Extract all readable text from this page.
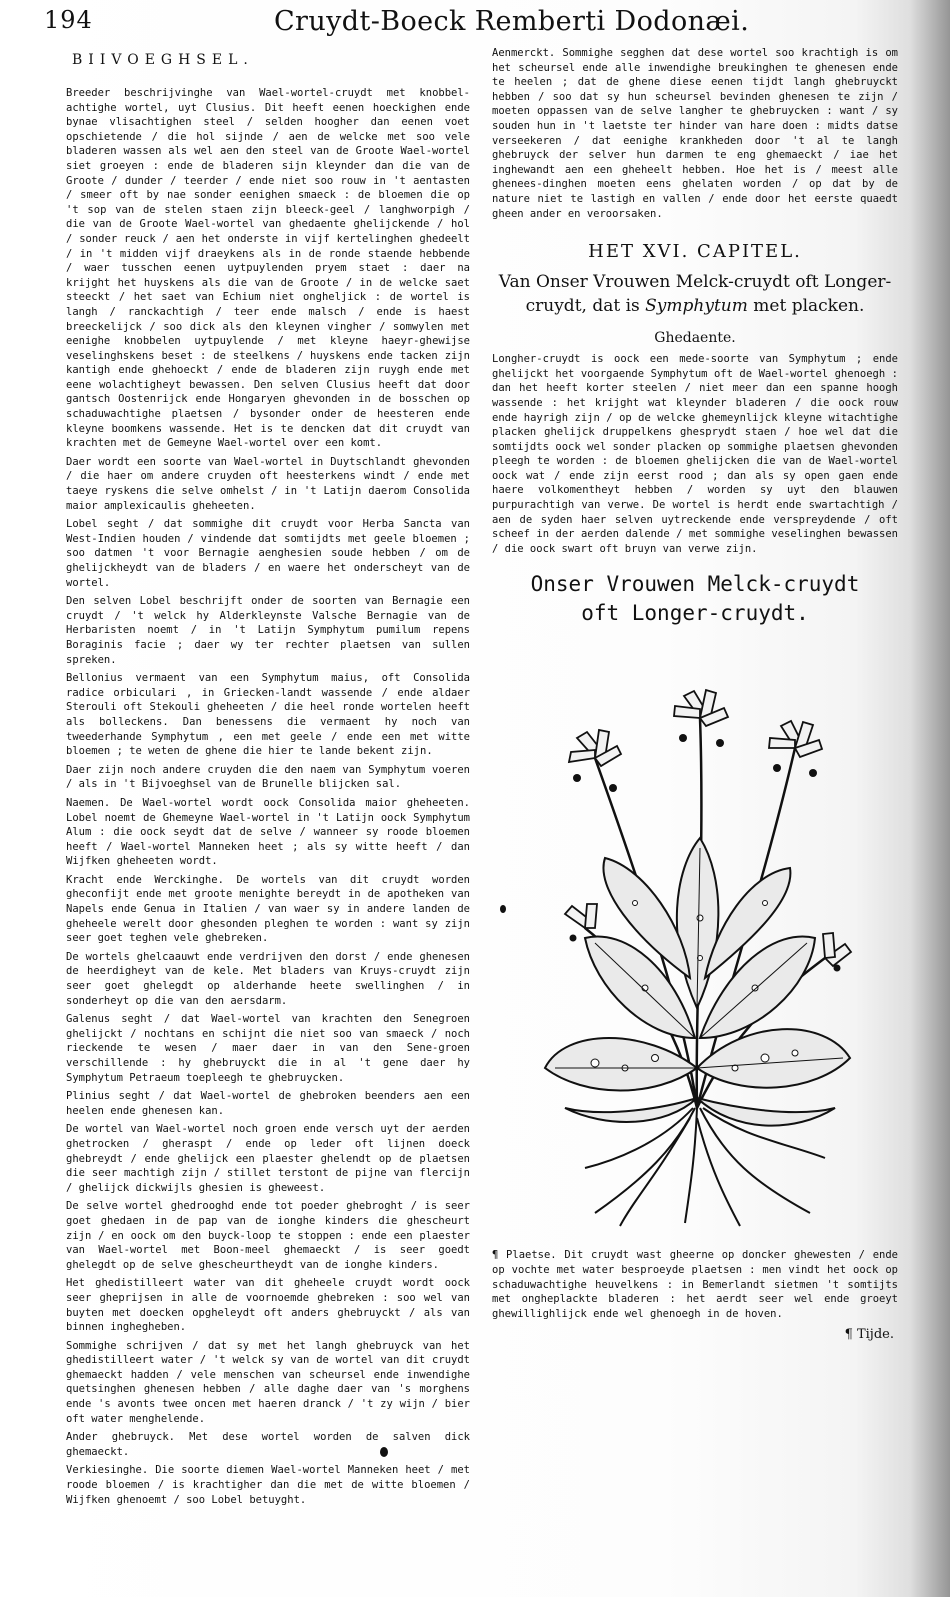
194	Cruydt-Boeck Remberti Dodonæi.
BIIVOEGHSEL.

Breeder beschrijvinghe van Wael-wortel-cruydt met knobbel-achtighe wortel, uyt Clusius. Dit heeft eenen hoeckighen ende bynae vlisachtighen steel / selden hoogher dan eenen voet opschietende / die hol sijnde / aen de welcke met soo vele bladeren wassen als wel aen den steel van de Groote Wael-wortel siet groeyen : ende de bladeren sijn kleynder dan die van de Groote / dunder / teerder / ende niet soo rouw in 't aentasten / smeer oft by nae sonder eenighen smaeck : de bloemen die op 't sop van de stelen staen zijn bleeck-geel / langhworpigh / die van de Groote Wael-wortel van ghedaente ghelijckende / hol / sonder reuck / aen het onderste in vijf kertelinghen ghedeelt / in 't midden vijf draeykens als in de ronde staende hebbende / waer tusschen eenen uytpuylenden pryem staet : daer na krijght het huyskens als die van de Groote / in de welcke saet steeckt / het saet van Echium niet ongheljick : de wortel is langh / ranckachtigh / teer ende malsch / ende is haest breeckelijck / soo dick als den kleynen vingher / somwylen met eenighe knobbelen uytpuylende / met kleyne haeyr-ghewijse veselinghskens beset : de steelkens / huyskens ende tacken zijn kantigh ende ghehoeckt / ende de bladeren zijn ruygh ende met eene wolachtigheyt bewassen. Den selven Clusius heeft dat door gantsch Oostenrijck ende Hongaryen ghevonden in de bosschen op schaduwachtighe plaetsen / bysonder onder de heesteren ende kleyne boomkens wassende. Het is te dencken dat dit cruydt van krachten met de Gemeyne Wael-wortel over een komt.

Daer wordt een soorte van Wael-wortel in Duytschlandt ghevonden / die haer om andere cruyden oft heesterkens windt / ende met taeye ryskens die selve omhelst / in 't Latijn daerom Consolida maior amplexicaulis gheheeten.

Lobel seght / dat sommighe dit cruydt voor Herba Sancta van West-Indien houden / vindende dat somtijdts met geele bloemen ; soo datmen 't voor Bernagie aenghesien soude hebben / om de ghelijckheydt van de bladers / en waere het onderscheyt van de wortel.

Den selven Lobel beschrijft onder de soorten van Bernagie een cruydt / 't welck hy Alderkleynste Valsche Bernagie van de Herbaristen noemt / in 't Latijn Symphytum pumilum repens Boraginis facie ; daer wy ter rechter plaetsen van sullen spreken.

Bellonius vermaent van een Symphytum maius, oft Consolida radice orbiculari , in Griecken-landt wassende / ende aldaer Sterouli oft Stekouli gheheeten / die heel ronde wortelen heeft als bolleckens. Dan benessens die vermaent hy noch van tweederhande Symphytum , een met geele / ende een met witte bloemen ; te weten de ghene die hier te lande bekent zijn.

Daer zijn noch andere cruyden die den naem van Symphytum voeren / als in 't Bijvoeghsel van de Brunelle blijcken sal.

Naemen. De Wael-wortel wordt oock Consolida maior gheheeten. Lobel noemt de Ghemeyne Wael-wortel in 't Latijn oock Symphytum Alum : die oock seydt dat de selve / wanneer sy roode bloemen heeft / Wael-wortel Manneken heet ; als sy witte heeft / dan Wijfken gheheeten wordt.

Kracht ende Werckinghe. De wortels van dit cruydt worden gheconfijt ende met groote menighte bereydt in de apotheken van Napels ende Genua in Italien / van waer sy in andere landen de gheheele werelt door ghesonden pleghen te worden : want sy zijn seer goet teghen vele ghebreken.

De wortels ghelcaauwt ende verdrijven den dorst / ende ghenesen de heerdigheyt van de kele. Met bladers van Kruys-cruydt zijn seer goet ghelegdt op alderhande heete swellinghen / in sonderheyt op die van den aersdarm.

Galenus seght / dat Wael-wortel van krachten den Senegroen ghelijckt / nochtans en schijnt die niet soo van smaeck / noch rieckende te wesen / maer daer in van den Sene-groen verschillende : hy ghebruyckt die in al 't gene daer hy Symphytum Petraeum toepleegh te ghebruycken.

Plinius seght / dat Wael-wortel de ghebroken beenders aen een heelen ende ghenesen kan.

De wortel van Wael-wortel noch groen ende versch uyt der aerden ghetrocken / gheraspt / ende op leder oft lijnen doeck ghebreydt / ende ghelijck een plaester ghelendt op de plaetsen die seer machtigh zijn / stillet terstont de pijne van flercijn / ghelijck dickwijls ghesien is gheweest.

De selve wortel ghedrooghd ende tot poeder ghebroght / is seer goet ghedaen in de pap van de ionghe kinders die ghescheurt zijn / en oock om den buyck-loop te stoppen : ende een plaester van Wael-wortel met Boon-meel ghemaeckt / is seer goedt ghelegdt op de selve ghescheurtheydt van de ionghe kinders.

Het ghedistilleert water van dit gheheele cruydt wordt oock seer gheprijsen in alle de voornoemde ghebreken : soo wel van buyten met doecken opgheleydt oft anders ghebruyckt / als van binnen inghegheben.

Sommighe schrijven / dat sy met het langh ghebruyck van het ghedistilleert water / 't welck sy van de wortel van dit cruydt ghemaeckt hadden / vele menschen van scheursel ende inwendighe quetsinghen ghenesen hebben / alle daghe daer van 's morghens ende 's avonts twee oncen met haeren dranck / 't zy wijn / bier oft water menghelende.

Ander ghebruyck. Met dese wortel worden de salven dick ghemaeckt.

Verkiesinghe. Die soorte diemen Wael-wortel Manneken heet / met roode bloemen / is krachtigher dan die met de witte bloemen / Wijfken ghenoemt / soo Lobel betuyght.

Aenmerckt. Sommighe segghen dat dese wortel soo krachtigh is om het scheursel ende alle inwendighe breukinghen te ghenesen ende te heelen ; dat de ghene diese eenen tijdt langh ghebruyckt hebben / soo dat sy hun scheursel bevinden ghenesen te zijn / moeten oppassen van de selve langher te ghebruycken : want / sy souden hun in 't laetste ter hinder van hare doen : midts datse verseekeren / dat eenighe krankheden door 't al te langh ghebruyck der selver hun darmen te eng ghemaeckt / iae het inghewandt aen een gheheelt hebben. Hoe het is / meest alle ghenees-dinghen moeten eens ghelaten worden / op dat by de nature niet te lastigh en vallen / ende door het eerste quaedt gheen ander en veroorsaken.

HET XVI. CAPITEL.
Van Onser Vrouwen Melck-cruydt oft Longer-
cruydt, dat is Symphytum met placken.
Ghedaente.

Longher-cruydt is oock een mede-soorte van Symphytum ; ende ghelijckt het voorgaende Symphytum oft de Wael-wortel ghenoegh : dan het heeft korter steelen / niet meer dan een spanne hoogh wassende : het krijght wat kleynder bladeren / die oock rouw ende hayrigh zijn / op de welcke ghemeynlijck kleyne witachtighe placken ghelijck druppelkens ghesprydt staen / hoe wel dat die somtijdts oock wel sonder placken op sommighe plaetsen ghevonden pleegh te worden : de bloemen ghelijcken die van de Wael-wortel oock wat / ende zijn eerst rood ; dan als sy open gaen ende haere volkomentheyt hebben / worden sy uyt den blauwen purpurachtigh van verwe. De wortel is herdt ende swartachtigh / aen de syden haer selven uytreckende ende verspreydende / oft scheef in der aerden dalende / met sommighe veselinghen bewassen / die oock swart oft bruyn van verwe zijn.

Onser Vrouwen Melck-cruydt
oft Longer-cruydt.

¶ Plaetse. Dit cruydt wast gheerne op doncker ghewesten / ende op vochte met water besproeyde plaetsen : men vindt het oock op schaduwachtighe heuvelkens : in Bemerlandt sietmen 't somtijts met ongheplackte bladeren : het aerdt seer wel ende groeyt ghewilligh​lijck ende wel ghenoegh in de hoven.

¶ Tijde.
